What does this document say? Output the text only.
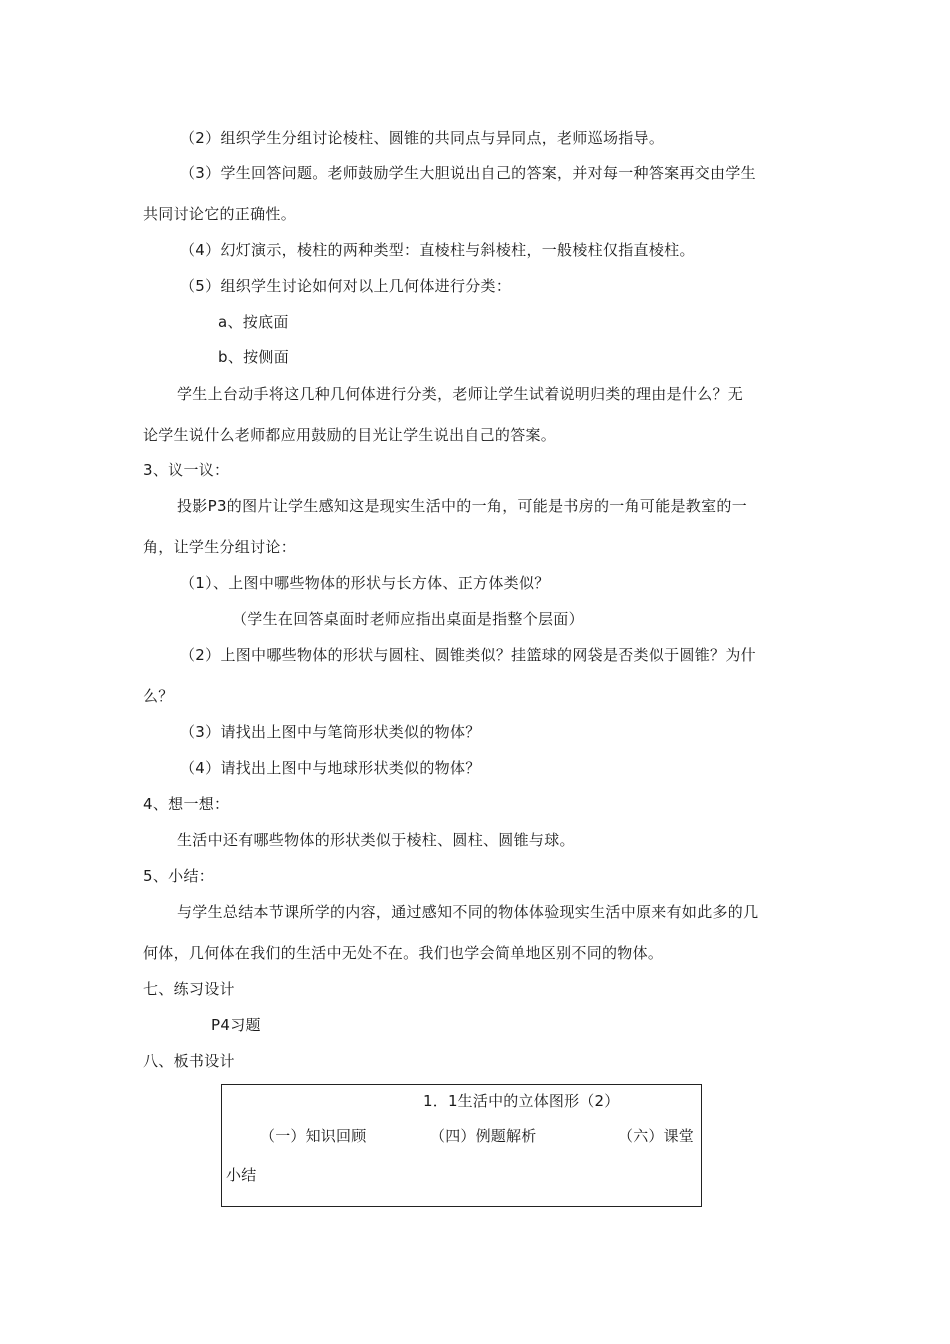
（2）组织学生分组讨论棱柱、圆锥的共同点与异同点，老师巡场指导。
（3）学生回答问题。老师鼓励学生大胆说出自己的答案，并对每一种答案再交由学生
共同讨论它的正确性。
（4）幻灯演示，棱柱的两种类型：直棱柱与斜棱柱，一般棱柱仅指直棱柱。
（5）组织学生讨论如何对以上几何体进行分类：
a、按底面
b、按侧面
学生上台动手将这几种几何体进行分类，老师让学生试着说明归类的理由是什么？无
论学生说什么老师都应用鼓励的目光让学生说出自己的答案。
3、议一议：
投影P3的图片让学生感知这是现实生活中的一角，可能是书房的一角可能是教室的一
角，让学生分组讨论：
（1）、上图中哪些物体的形状与长方体、正方体类似？
（学生在回答桌面时老师应指出桌面是指整个层面）
（2）上图中哪些物体的形状与圆柱、圆锥类似？挂篮球的网袋是否类似于圆锥？为什
么？
（3）请找出上图中与笔筒形状类似的物体？
（4）请找出上图中与地球形状类似的物体？
4、想一想：
生活中还有哪些物体的形状类似于棱柱、圆柱、圆锥与球。
5、小结：
与学生总结本节课所学的内容，通过感知不同的物体体验现实生活中原来有如此多的几
何体，几何体在我们的生活中无处不在。我们也学会简单地区别不同的物体。
七、练习设计
P4习题
八、板书设计
1．1生活中的立体图形（2）
（一）知识回顾	（四）例题解析	（六）课堂
小结
